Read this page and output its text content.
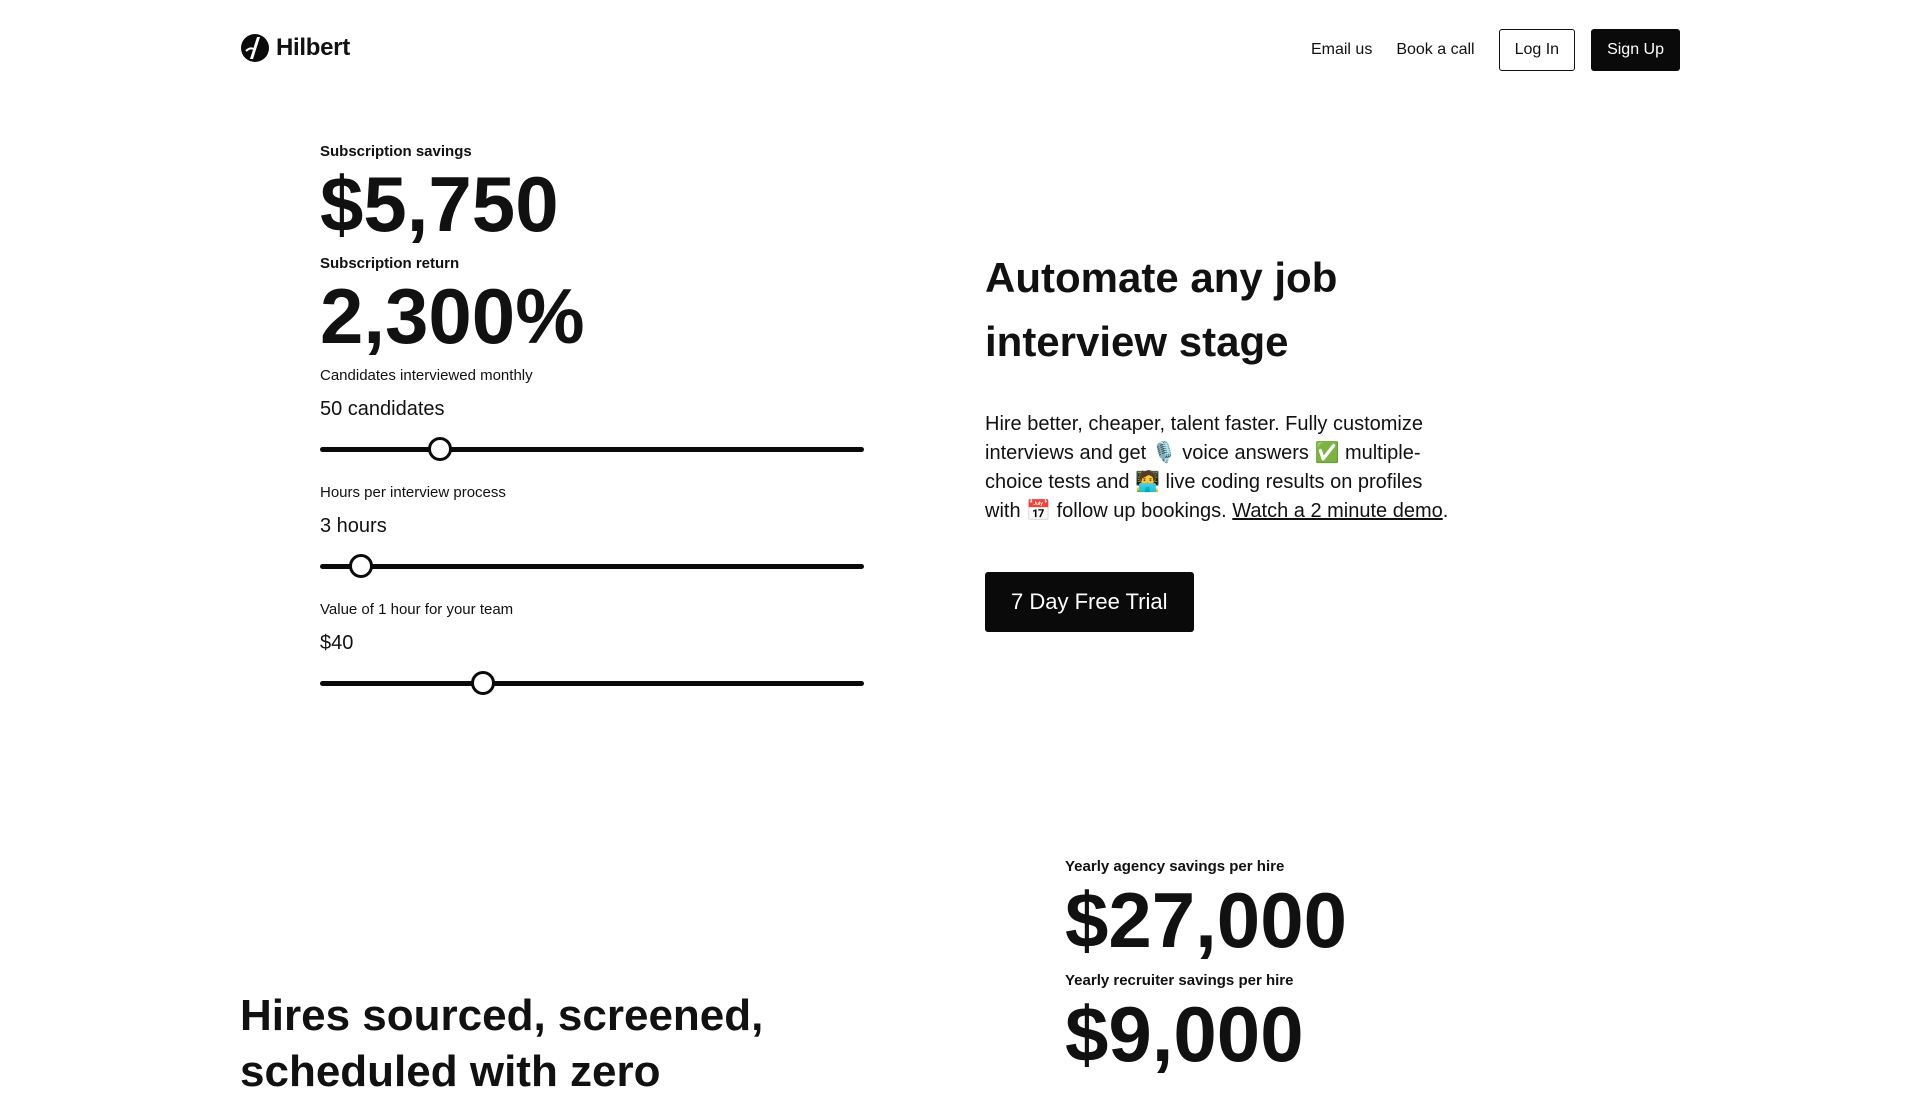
Hilbert	Email us Book a call	Log In	Sign Up
Subscription savings
$5,750
Subscription return
2,300%
Candidates interviewed monthly
50 candidates
Hours per interview process
3 hours
Value of 1 hour for your team
$40
Automate any job interview stage
Hire better, cheaper, talent faster. Fully customize interviews and get 🎙️ voice answers ✅ multiple-choice tests and 🧑‍💻 live coding results on profiles with 📅 follow up bookings. Watch a 2 minute demo.
7 Day Free Trial
Hires sourced, screened, scheduled with zero
Yearly agency savings per hire
$27,000
Yearly recruiter savings per hire
$9,000
